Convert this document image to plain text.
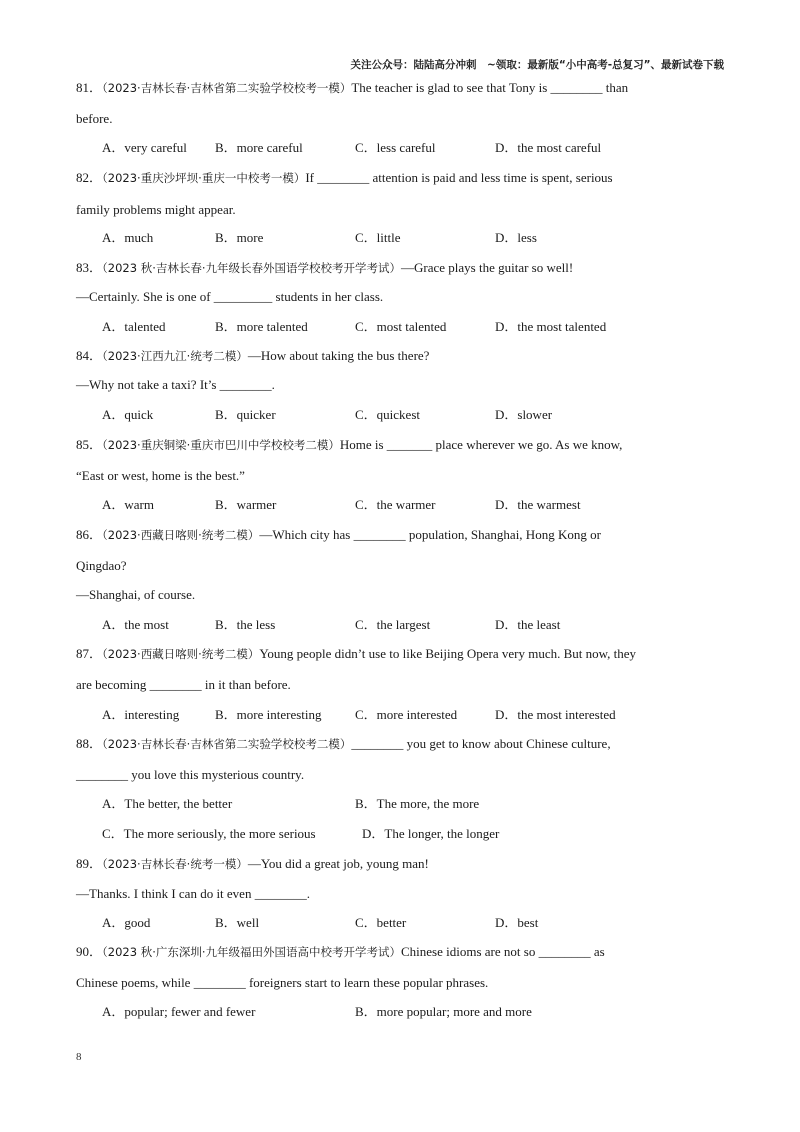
关注公众号：陆陆高分冲刺　~领取：最新版“小中高考-总复习”、最新试卷下载
81．（2023·吉林长春·吉林省第二实验学校校考一模）The teacher is glad to see that Tony is ________ than
before.
A．very careful B．more careful	C．less careful	D．the most careful
82．（2023·重庆沙坪坝·重庆一中校考一模）If ________ attention is paid and less time is spent, serious
family problems might appear.
A．much	B．more	C．little	D．less
83．（2023 秋·吉林长春·九年级长春外国语学校校考开学考试）—Grace plays the guitar so well!
—Certainly. She is one of _________ students in her class.
A．talented	B．more talented	C．most talented	D．the most talented
84．（2023·江西九江·统考二模）—How about taking the bus there?
—Why not take a taxi? It’s ________.
A．quick	B．quicker	C．quickest	D．slower
85．（2023·重庆铜梁·重庆市巴川中学校校考二模）Home is _______ place wherever we go. As we know,
“East or west, home is the best.”
A．warm	B．warmer	C．the warmer	D．the warmest
86．（2023·西藏日喀则·统考二模）—Which city has ________ population, Shanghai, Hong Kong or
Qingdao?
—Shanghai, of course.
A．the most	B．the less	C．the largest	D．the least
87．（2023·西藏日喀则·统考二模）Young people didn’t use to like Beijing Opera very much. But now, they
are becoming ________ in it than before.
A．interesting	B．more interesting	C．more interested	D．the most interested
88．（2023·吉林长春·吉林省第二实验学校校考二模）________ you get to know about Chinese culture,
________ you love this mysterious country.
A．The better, the better	B．The more, the more
C．The more seriously, the more serious	D．The longer, the longer
89．（2023·吉林长春·统考一模）—You did a great job, young man!
—Thanks. I think I can do it even ________.
A．good	B．well	C．better	D．best
90．（2023 秋·广东深圳·九年级福田外国语高中校考开学考试）Chinese idioms are not so ________ as
Chinese poems, while ________ foreigners start to learn these popular phrases.
A．popular; fewer and fewer	B．more popular; more and more
8
